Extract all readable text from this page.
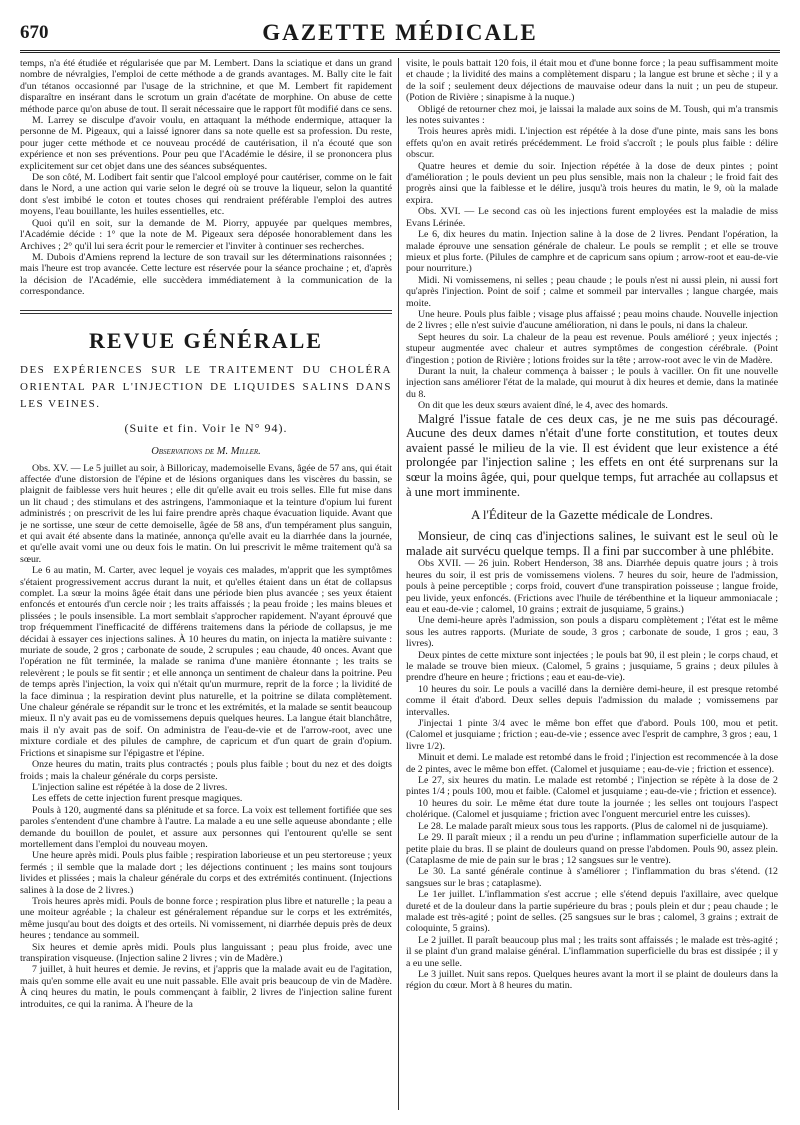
670	GAZETTE MÉDICALE

temps, n'a été étudiée et régularisée que par M. Lembert. Dans la sciatique et dans un grand nombre de névralgies, l'emploi de cette méthode a de grands avantages. M. Bally cite le fait d'un tétanos occasionné par l'usage de la strichnine, et que M. Lembert fit rapidement disparaître en insérant dans le scrotum un grain d'acétate de morphine. On abuse de cette méthode parce qu'on abuse de tout. Il serait nécessaire que le rapport fût modifié dans ce sens.

M. Larrey se disculpe d'avoir voulu, en attaquant la méthode endermique, attaquer la personne de M. Pigeaux, qui a laissé ignorer dans sa note quelle est sa profession. Du reste, pour juger cette méthode et ce nouveau procédé de cautérisation, il n'a écouté que son expérience et non ses préventions. Pour peu que l'Académie le désire, il se prononcera plus explicitement sur cet objet dans une des séances subséquentes.

De son côté, M. Lodibert fait sentir que l'alcool employé pour cautériser, comme on le fait dans le Nord, a une action qui varie selon le degré où se trouve la liqueur, selon la quantité dont s'est imbibé le coton et toutes choses qui rendraient préférable l'emploi des autres moyens, l'eau bouillante, les huiles essentielles, etc.

Quoi qu'il en soit, sur la demande de M. Piorry, appuyée par quelques membres, l'Académie décide : 1° que la note de M. Pigeaux sera déposée honorablement dans les Archives ; 2° qu'il lui sera écrit pour le remercier et l'inviter à continuer ses recherches.

M. Dubois d'Amiens reprend la lecture de son travail sur les déterminations raisonnées ; mais l'heure est trop avancée. Cette lecture est réservée pour la séance prochaine ; et, d'après la décision de l'Académie, elle succèdera immédiatement à la communication de la correspondance.

REVUE GÉNÉRALE

DES EXPÉRIENCES SUR LE TRAITEMENT DU CHOLÉRA ORIENTAL PAR L'INJECTION DE LIQUIDES SALINS DANS LES VEINES.

(Suite et fin. Voir le N° 94).
Observations de M. Miller.

Obs. XV. — Le 5 juillet au soir, à Billoricay, mademoiselle Evans, âgée de 57 ans, qui était affectée d'une distorsion de l'épine et de lésions organiques dans les viscères du bassin, se plaignit de faiblesse vers huit heures ; elle dit qu'elle avait eu trois selles. Elle fut mise dans un lit chaud ; des stimulans et des astringens, l'ammoniaque et la teinture d'opium lui furent administrés ; on prescrivit de les lui faire prendre après chaque évacuation liquide. Avant que je ne sortisse, une sœur de cette demoiselle, âgée de 58 ans, d'un tempérament plus sanguin, et qui avait été absente dans la matinée, annonça qu'elle avait eu la diarrhée dans la journée, et qu'elle avait vomi une ou deux fois le matin. On lui prescrivit le même traitement qu'à sa sœur.

Le 6 au matin, M. Carter, avec lequel je voyais ces malades, m'apprit que les symptômes s'étaient progressivement accrus durant la nuit, et qu'elles étaient dans un état de collapsus complet. La sœur la moins âgée était dans une période bien plus avancée ; ses yeux étaient enfoncés et entourés d'un cercle noir ; les traits affaissés ; la peau froide ; les mains bleues et plissées ; le pouls insensible. La mort semblait s'approcher rapidement. N'ayant éprouvé que trop fréquemment l'inefficacité de différens traitemens dans la période de collapsus, je me décidai à essayer ces injections salines. À 10 heures du matin, on injecta la matière suivante : muriate de soude, 2 gros ; carbonate de soude, 2 scrupules ; eau chaude, 40 onces. Avant que l'opération ne fût terminée, la malade se ranima d'une manière étonnante ; les traits se relevèrent ; le pouls se fit sentir ; et elle annonça un sentiment de chaleur dans la poitrine. Peu de temps après l'injection, la voix qui n'était qu'un murmure, reprit de la force ; la lividité de la face diminua ; la respiration devint plus naturelle, et la poitrine se dilata complètement. Une chaleur générale se répandit sur le tronc et les extrémités, et la malade se sentit beaucoup mieux. Il n'y avait pas eu de vomissemens depuis quelques heures. La langue était blanchâtre, mais il n'y avait pas de soif. On administra de l'eau-de-vie et de l'arrow-root, avec une mixture cordiale et des pilules de camphre, de capricum et d'un quart de grain d'opium. Frictions et sinapisme sur l'épigastre et l'épine.

Onze heures du matin, traits plus contractés ; pouls plus faible ; bout du nez et des doigts froids ; mais la chaleur générale du corps persiste.

L'injection saline est répétée à la dose de 2 livres.

Les effets de cette injection furent presque magiques.

Pouls à 120, augmenté dans sa plénitude et sa force. La voix est tellement fortifiée que ses paroles s'entendent d'une chambre à l'autre. La malade a eu une selle aqueuse abondante ; elle demande du bouillon de poulet, et assure aux personnes qui l'entourent qu'elle se sent mortellement dans l'emploi du nouveau moyen.

Une heure après midi. Pouls plus faible ; respiration laborieuse et un peu stertoreuse ; yeux fermés ; il semble que la malade dort ; les déjections continuent ; les mains sont toujours livides et plissées ; mais la chaleur générale du corps et des extrémités continuent. (Injections salines à la dose de 2 livres.)

Trois heures après midi. Pouls de bonne force ; respiration plus libre et naturelle ; la peau a une moiteur agréable ; la chaleur est généralement répandue sur le corps et les extrémités, même jusqu'au bout des doigts et des orteils. Ni vomissement, ni diarrhée depuis près de deux heures ; tendance au sommeil.

Six heures et demie après midi. Pouls plus languissant ; peau plus froide, avec une transpiration visqueuse. (Injection saline 2 livres ; vin de Madère.)

7 juillet, à huit heures et demie. Je revins, et j'appris que la malade avait eu de l'agitation, mais qu'en somme elle avait eu une nuit passable. Elle avait pris beaucoup de vin de Madère. À cinq heures du matin, le pouls commençant à faiblir, 2 livres de l'injection saline furent introduites, ce qui la ranima. À l'heure de la

visite, le pouls battait 120 fois, il était mou et d'une bonne force ; la peau suffisamment moite et chaude ; la lividité des mains a complètement disparu ; la langue est brune et sèche ; il y a de la soif ; seulement deux déjections de mauvaise odeur dans la nuit ; un peu de stupeur. (Potion de Rivière ; sinapisme à la nuque.)

Obligé de retourner chez moi, je laissai la malade aux soins de M. Toush, qui m'a transmis les notes suivantes :

Trois heures après midi. L'injection est répétée à la dose d'une pinte, mais sans les bons effets qu'on en avait retirés précédemment. Le froid s'accroît ; le pouls plus faible : délire obscur.

Quatre heures et demie du soir. Injection répétée à la dose de deux pintes ; point d'amélioration ; le pouls devient un peu plus sensible, mais non la chaleur ; le froid fait des progrès ainsi que la faiblesse et le délire, jusqu'à trois heures du matin, le 9, où la malade expira.

Obs. XVI. — Le second cas où les injections furent employées est la maladie de miss Evans Lérinée.

Le 6, dix heures du matin. Injection saline à la dose de 2 livres. Pendant l'opération, la malade éprouve une sensation générale de chaleur. Le pouls se remplit ; et elle se trouve mieux et plus forte. (Pilules de camphre et de capricum sans opium ; arrow-root et eau-de-vie pour nourriture.)

Midi. Ni vomissemens, ni selles ; peau chaude ; le pouls n'est ni aussi plein, ni aussi fort qu'après l'injection. Point de soif ; calme et sommeil par intervalles ; langue chargée, mais moite.

Une heure. Pouls plus faible ; visage plus affaissé ; peau moins chaude. Nouvelle injection de 2 livres ; elle n'est suivie d'aucune amélioration, ni dans le pouls, ni dans la chaleur.

Sept heures du soir. La chaleur de la peau est revenue. Pouls amélioré ; yeux injectés ; stupeur augmentée avec chaleur et autres symptômes de congestion cérébrale. (Point d'ingestion ; potion de Rivière ; lotions froides sur la tête ; arrow-root avec le vin de Madère.

Durant la nuit, la chaleur commença à baisser ; le pouls à vaciller. On fit une nouvelle injection sans améliorer l'état de la malade, qui mourut à dix heures et demie, dans la matinée du 8.

On dit que les deux sœurs avaient dîné, le 4, avec des homards.

Malgré l'issue fatale de ces deux cas, je ne me suis pas découragé. Aucune des deux dames n'était d'une forte constitution, et toutes deux avaient passé le milieu de la vie. Il est évident que leur existence a été prolongée par l'injection saline ; les effets en ont été surprenans sur la sœur la moins âgée, qui, pour quelque temps, fut arrachée au collapsus et à une mort imminente.

A l'Éditeur de la Gazette médicale de Londres.

Monsieur, de cinq cas d'injections salines, le suivant est le seul où le malade ait survécu quelque temps. Il a fini par succomber à une phlébite.

Obs XVII. — 26 juin. Robert Henderson, 38 ans. Diarrhée depuis quatre jours ; à trois heures du soir, il est pris de vomissemens violens. 7 heures du soir, heure de l'admission, pouls à peine perceptible ; corps froid, couvert d'une transpiration poisseuse ; langue froide, peu livide, yeux enfoncés. (Frictions avec l'huile de térébenthine et la liqueur ammoniacale ; eau et eau-de-vie ; calomel, 10 grains ; extrait de jusquiame, 5 grains.)

Une demi-heure après l'admission, son pouls a disparu complètement ; l'état est le même sous les autres rapports. (Muriate de soude, 3 gros ; carbonate de soude, 1 gros ; eau, 3 livres).

Deux pintes de cette mixture sont injectées ; le pouls bat 90, il est plein ; le corps chaud, et le malade se trouve bien mieux. (Calomel, 5 grains ; jusquiame, 5 grains ; deux pilules à prendre d'heure en heure ; frictions ; eau et eau-de-vie).

10 heures du soir. Le pouls a vacillé dans la dernière demi-heure, il est presque retombé comme il était d'abord. Deux selles depuis l'admission du malade ; vomissemens par intervalles.

J'injectai 1 pinte 3/4 avec le même bon effet que d'abord. Pouls 100, mou et petit. (Calomel et jusquiame ; friction ; eau-de-vie ; essence avec l'esprit de camphre, 3 gros ; eau, 1 livre 1/2).

Minuit et demi. Le malade est retombé dans le froid ; l'injection est recommencée à la dose de 2 pintes, avec le même bon effet. (Calomel et jusquiame ; eau-de-vie ; friction et essence).

Le 27, six heures du matin. Le malade est retombé ; l'injection se répète à la dose de 2 pintes 1/4 ; pouls 100, mou et faible. (Calomel et jusquiame ; eau-de-vie ; friction et essence).

10 heures du soir. Le même état dure toute la journée ; les selles ont toujours l'aspect cholérique. (Calomel et jusquiame ; friction avec l'onguent mercuriel entre les cuisses).

Le 28. Le malade paraît mieux sous tous les rapports. (Plus de calomel ni de jusquiame).

Le 29. Il paraît mieux ; il a rendu un peu d'urine ; inflammation superficielle autour de la petite plaie du bras. Il se plaint de douleurs quand on presse l'abdomen. Pouls 90, assez plein. (Cataplasme de mie de pain sur le bras ; 12 sangsues sur le ventre).

Le 30. La santé générale continue à s'améliorer ; l'inflammation du bras s'étend. (12 sangsues sur le bras ; cataplasme).

Le 1er juillet. L'inflammation s'est accrue ; elle s'étend depuis l'axillaire, avec quelque dureté et de la douleur dans la partie supérieure du bras ; pouls plein et dur ; peau chaude ; le malade est très-agité ; point de selles. (25 sangsues sur le bras ; calomel, 3 grains ; extrait de coloquinte, 5 grains).

Le 2 juillet. Il paraît beaucoup plus mal ; les traits sont affaissés ; le malade est très-agité ; il se plaint d'un grand malaise général. L'inflammation superficielle du bras est dissipée ; il y a eu une selle.

Le 3 juillet. Nuit sans repos. Quelques heures avant la mort il se plaint de douleurs dans la région du cœur. Mort à 8 heures du matin.
